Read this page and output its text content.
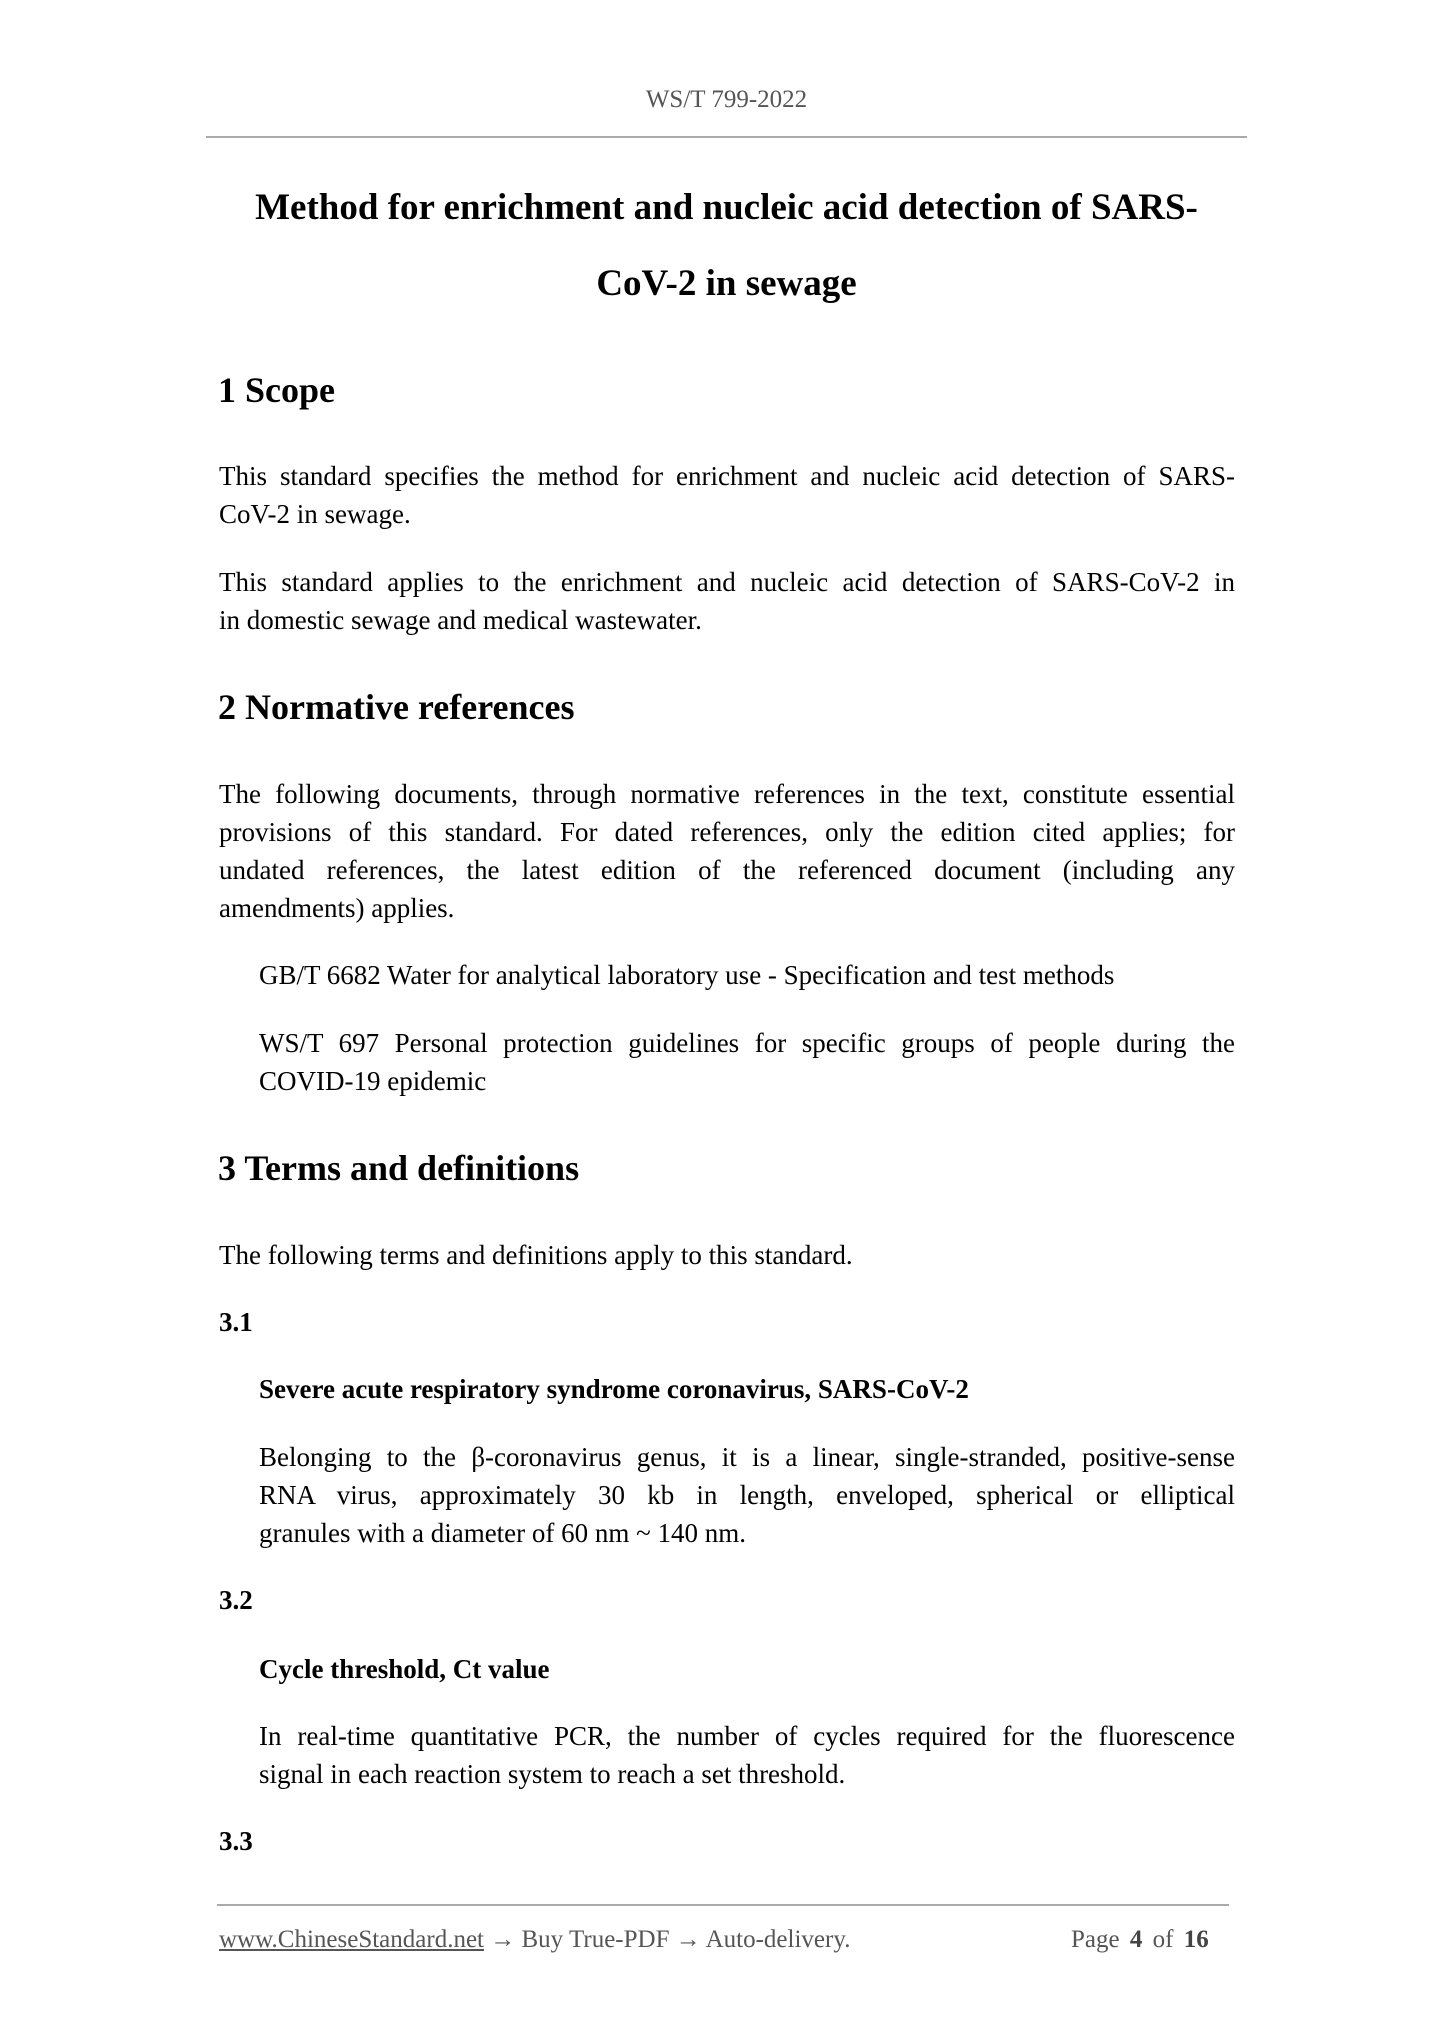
WS/T 799-2022
Method for enrichment and nucleic acid detection of SARS-
CoV-2 in sewage
1 Scope
This standard specifies the method for enrichment and nucleic acid detection of SARS-
CoV-2 in sewage.
This standard applies to the enrichment and nucleic acid detection of SARS-CoV-2 in
in domestic sewage and medical wastewater.
2 Normative references
The following documents, through normative references in the text, constitute essential
provisions of this standard. For dated references, only the edition cited applies; for
undated references, the latest edition of the referenced document (including any
amendments) applies.
GB/T 6682 Water for analytical laboratory use - Specification and test methods
WS/T 697 Personal protection guidelines for specific groups of people during the
COVID-19 epidemic
3 Terms and definitions
The following terms and definitions apply to this standard.
3.1
Severe acute respiratory syndrome coronavirus, SARS-CoV-2
Belonging to the β-coronavirus genus, it is a linear, single-stranded, positive-sense
RNA virus, approximately 30 kb in length, enveloped, spherical or elliptical
granules with a diameter of 60 nm ~ 140 nm.
3.2
Cycle threshold, Ct value
In real-time quantitative PCR, the number of cycles required for the fluorescence
signal in each reaction system to reach a set threshold.
3.3
www.ChineseStandard.net → Buy True-PDF → Auto-delivery.	Page 4 of 16
